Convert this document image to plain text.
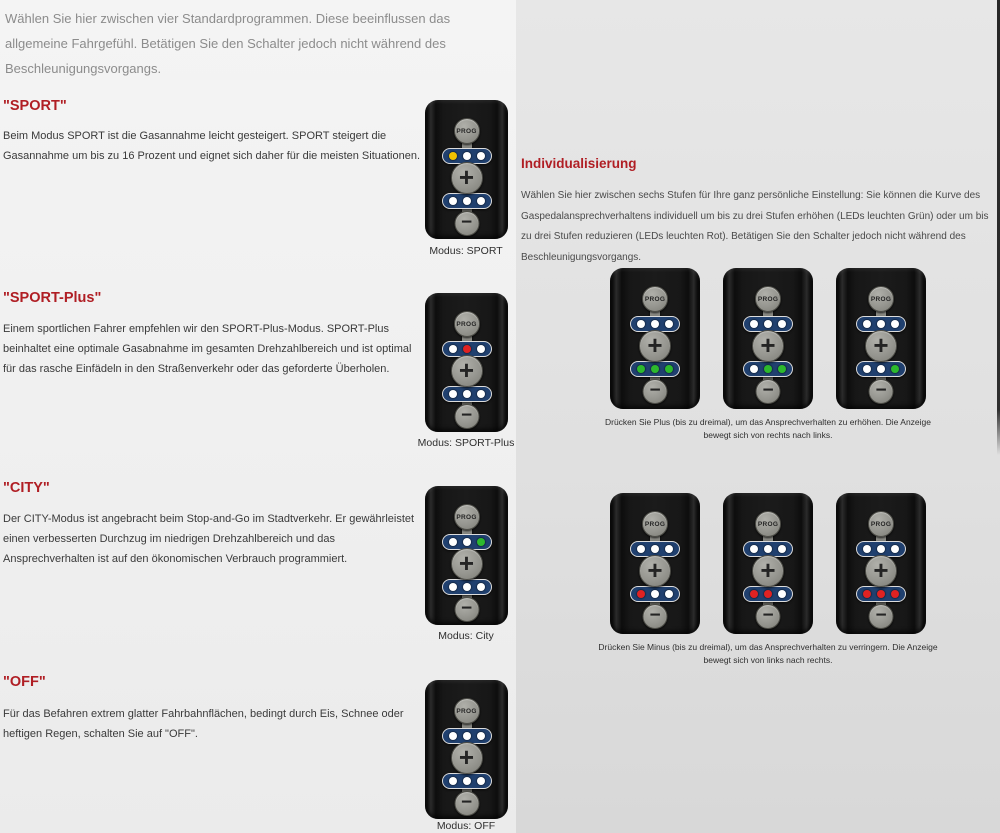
Wählen Sie hier zwischen vier Standardprogrammen. Diese beeinflussen das allgemeine Fahrgefühl. Betätigen Sie den Schalter jedoch nicht während des Beschleunigungsvorgangs.

"SPORT"

Beim Modus SPORT ist die Gasannahme leicht gesteigert. SPORT steigert die Gasannahme um bis zu 16 Prozent und eignet sich daher für die meisten Situationen.

"SPORT-Plus"

Einem sportlichen Fahrer empfehlen wir den SPORT-Plus-Modus. SPORT-Plus beinhaltet eine optimale Gasabnahme im gesamten Drehzahlbereich und ist optimal für das rasche Einfädeln in den Straßenverkehr oder das geforderte Überholen.

"CITY"

Der CITY-Modus ist angebracht beim Stop-and-Go im Stadtverkehr. Er gewährleistet einen verbesserten Durchzug im niedrigen Drehzahlbereich und das Ansprechverhalten ist auf den ökonomischen Verbrauch programmiert.

"OFF"

Für das Befahren extrem glatter Fahrbahnflächen, bedingt durch Eis, Schnee oder heftigen Regen, schalten Sie auf "OFF".

PROG
+
−

Modus: SPORT

PROG
+
−

Modus: SPORT-Plus

PROG
+
−

Modus: City

PROG
+
−

Modus: OFF

Individualisierung

Wählen Sie hier zwischen sechs Stufen für Ihre ganz persönliche Einstellung: Sie können die Kurve des Gaspedalansprechverhaltens individuell um bis zu drei Stufen erhöhen (LEDs leuchten Grün) oder um bis zu drei Stufen reduzieren (LEDs leuchten Rot). Betätigen Sie den Schalter jedoch nicht während des Beschleunigungsvorgangs.

PROG
+
−
PROG
+
−
PROG
+
−

Drücken Sie Plus (bis zu dreimal), um das Ansprechverhalten zu erhöhen. Die Anzeige bewegt sich von rechts nach links.

PROG
+
−
PROG
+
−
PROG
+
−

Drücken Sie Minus (bis zu dreimal), um das Ansprechverhalten zu verringern. Die Anzeige bewegt sich von links nach rechts.
